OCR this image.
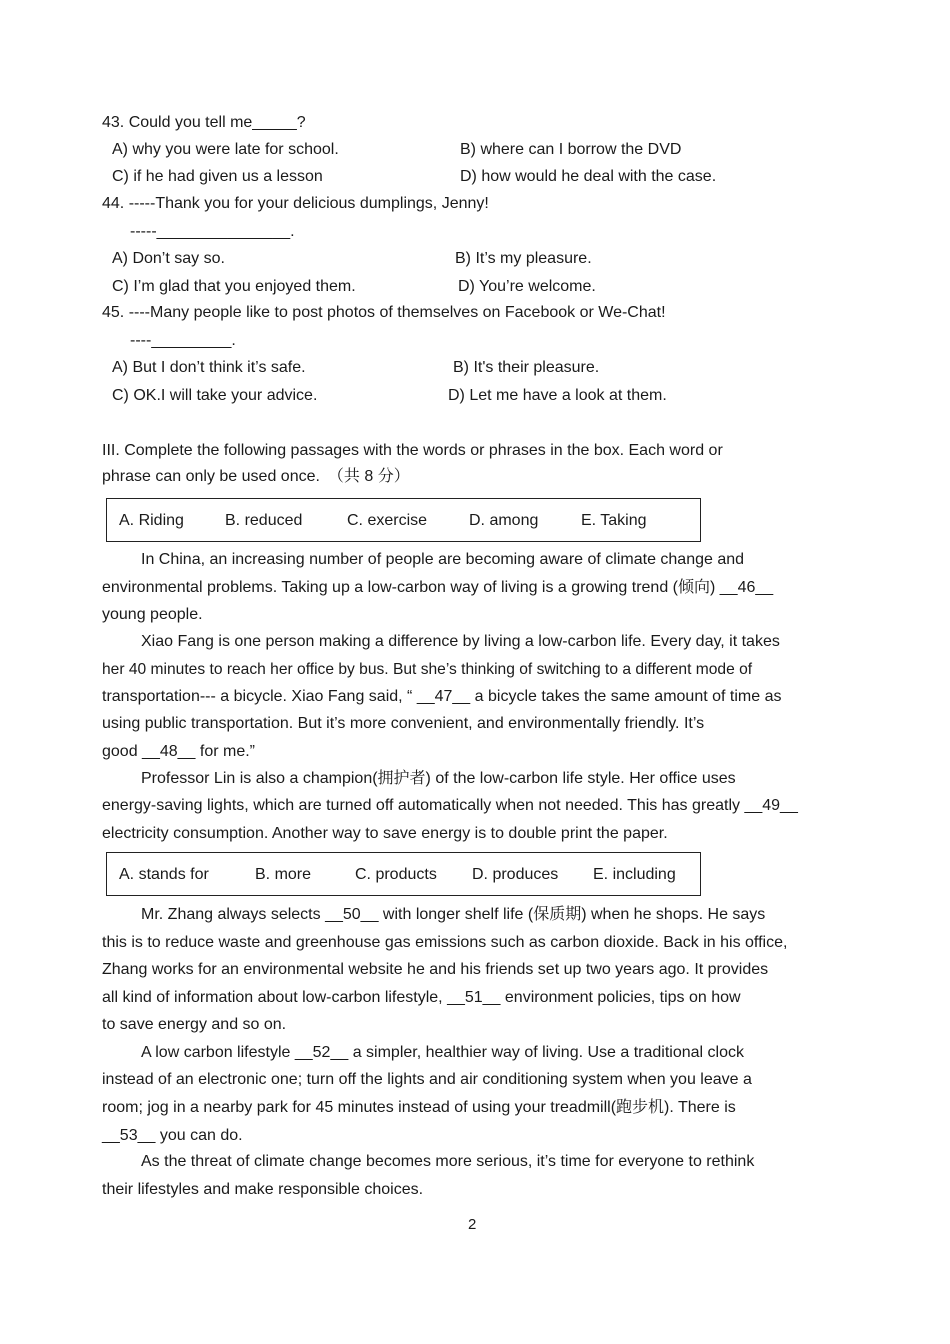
43. Could you tell me_____?
A) why you were late for school.	B) where can I borrow the DVD
C) if he had given us a lesson	D) how would he deal with the case.
44. -----Thank you for your delicious dumplings, Jenny!
-----_______________.
A) Don’t say so.	B) It’s my pleasure.
C) I’m glad that you enjoyed them.	D) You’re welcome.
45. ----Many people like to post photos of themselves on Facebook or We-Chat!
----_________.
A) But I don’t think it’s safe.	B) It's their pleasure.
C) OK.I will take your advice.	D) Let me have a look at them.
III. Complete the following passages with the words or phrases in the box. Each word or
phrase can only be used once.　（共 8 分）
A. Riding	B. reduced	C. exercise	D. among	E. Taking
In China, an increasing number of people are becoming aware of climate change and
environmental problems. Taking up a low-carbon way of living is a growing trend (倾向) __46__
young people.
Xiao Fang is one person making a difference by living a low-carbon life. Every day, it takes
her 40 minutes to reach her office by bus. But she’s thinking of switching to a different mode of
transportation--- a bicycle. Xiao Fang said, “ __47__ a bicycle takes the same amount of time as
using public transportation. But it’s more convenient, and environmentally friendly. It’s
good __48__ for me.”
Professor Lin is also a champion(拥护者) of the low-carbon life style. Her office uses
energy-saving lights, which are turned off automatically when not needed. This has greatly __49__
electricity consumption. Another way to save energy is to double print the paper.
A. stands for	B. more	C. products D. produces E. including
Mr. Zhang always selects __50__ with longer shelf life (保质期) when he shops. He says
this is to reduce waste and greenhouse gas emissions such as carbon dioxide. Back in his office,
Zhang works for an environmental website he and his friends set up two years ago. It provides
all kind of information about low-carbon lifestyle, __51__ environment policies, tips on how
to save energy and so on.
A low carbon lifestyle __52__ a simpler, healthier way of living. Use a traditional clock
instead of an electronic one; turn off the lights and air conditioning system when you leave a
room; jog in a nearby park for 45 minutes instead of using your treadmill(跑步机). There is
__53__ you can do.
As the threat of climate change becomes more serious, it’s time for everyone to rethink
their lifestyles and make responsible choices.
2
